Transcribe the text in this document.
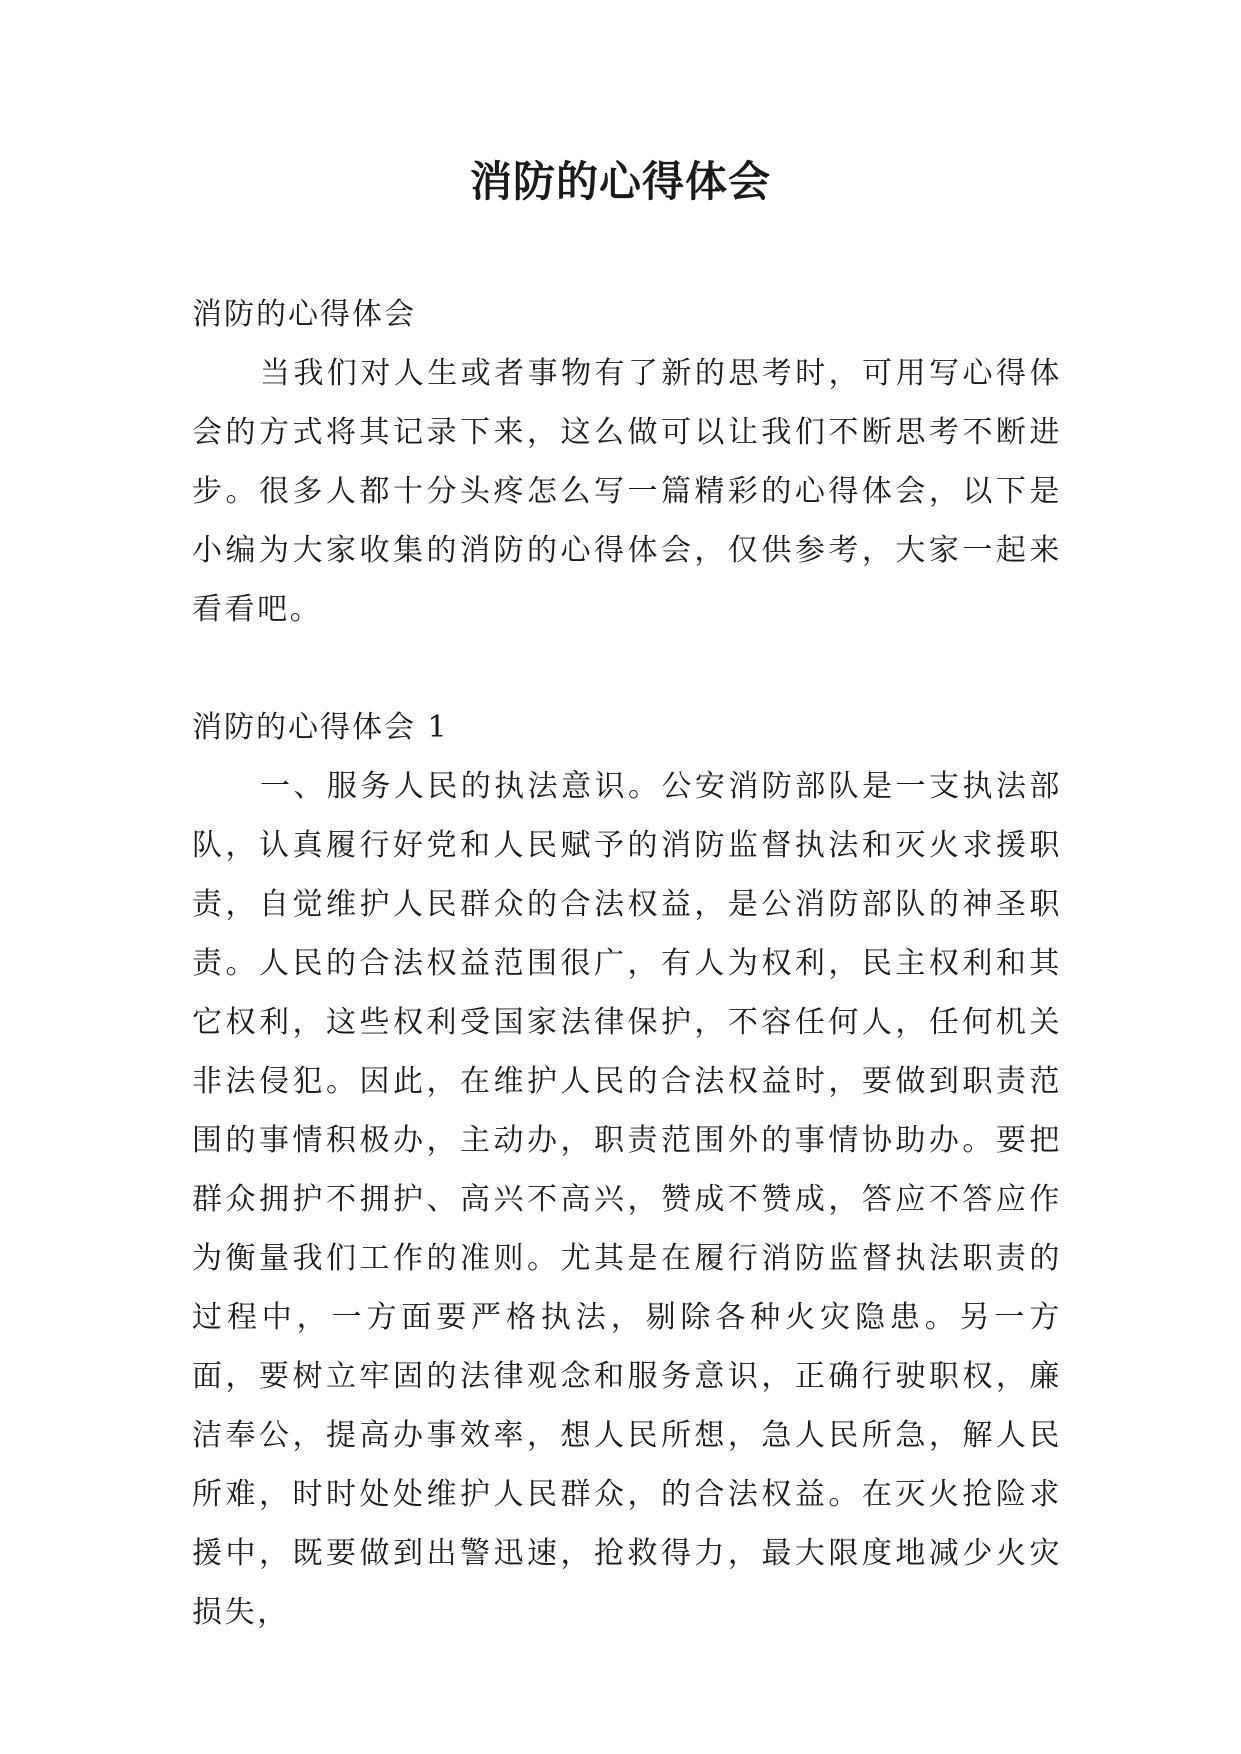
消防的心得体会

消防的心得体会

当我们对人生或者事物有了新的思考时，可用写心得体会的方式将其记录下来，这么做可以让我们不断思考不断进步。很多人都十分头疼怎么写一篇精彩的心得体会，以下是小编为大家收集的消防的心得体会，仅供参考，大家一起来看看吧。

消防的心得体会 1

一、服务人民的执法意识。公安消防部队是一支执法部队，认真履行好党和人民赋予的消防监督执法和灭火求援职责，自觉维护人民群众的合法权益，是公消防部队的神圣职责。人民的合法权益范围很广，有人为权利，民主权利和其它权利，这些权利受国家法律保护，不容任何人，任何机关非法侵犯。因此，在维护人民的合法权益时，要做到职责范围的事情积极办，主动办，职责范围外的事情协助办。要把群众拥护不拥护、高兴不高兴，赞成不赞成，答应不答应作为衡量我们工作的准则。尤其是在履行消防监督执法职责的过程中，一方面要严格执法，剔除各种火灾隐患。另一方面，要树立牢固的法律观念和服务意识，正确行驶职权，廉洁奉公，提高办事效率，想人民所想，急人民所急，解人民所难，时时处处维护人民群众，的合法权益。在灭火抢险求援中，既要做到出警迅速，抢救得力，最大限度地减少火灾损失，
